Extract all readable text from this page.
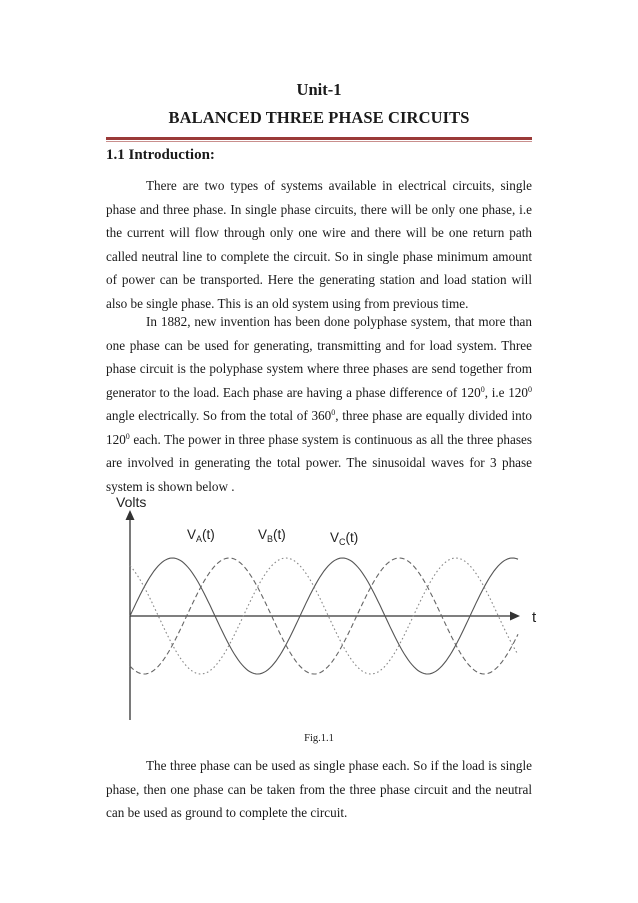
Unit-1
BALANCED THREE PHASE CIRCUITS
1.1 Introduction:

There are two types of systems available in electrical circuits, single phase and three phase. In single phase circuits, there will be only one phase, i.e the current will flow through only one wire and there will be one return path called neutral line to complete the circuit. So in single phase minimum amount of power can be transported. Here the generating station and load station will also be single phase. This is an old system using from previous time.

In 1882, new invention has been done polyphase system, that more than one phase can be used for generating, transmitting and for load system. Three phase circuit is the polyphase system where three phases are send together from generator to the load. Each phase are having a phase difference of $120^0$, i.e $120^0$ angle electrically. So from the total of $360^0$, three phase are equally divided into $120^0$ each. The power in three phase system is continuous as all the three phases are involved in generating the total power. The sinusoidal waves for 3 phase system is shown below .

Volts
t
$V_A(t)$	$V_B(t)$	$V_C(t)$
Fig.1.1

The three phase can be used as single phase each. So if the load is single phase, then one phase can be taken from the three phase circuit and the neutral can be used as ground to complete the circuit.
